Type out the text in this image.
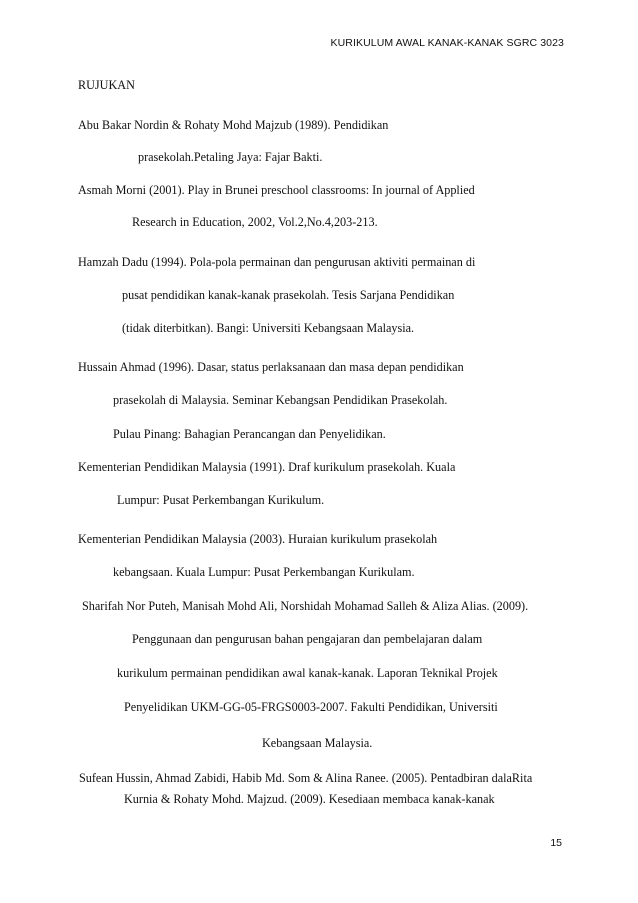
KURIKULUM AWAL KANAK-KANAK SGRC 3023
RUJUKAN
Abu Bakar Nordin & Rohaty Mohd Majzub (1989). Pendidikan
prasekolah.Petaling Jaya: Fajar Bakti.
Asmah Morni (2001). Play in Brunei preschool classrooms: In journal of Applied
Research in Education, 2002, Vol.2,No.4,203-213.
Hamzah Dadu (1994). Pola-pola permainan dan pengurusan aktiviti permainan di
pusat pendidikan kanak-kanak prasekolah. Tesis Sarjana Pendidikan
(tidak diterbitkan). Bangi: Universiti Kebangsaan Malaysia.
Hussain Ahmad (1996). Dasar, status perlaksanaan dan masa depan pendidikan
prasekolah di Malaysia. Seminar Kebangsan Pendidikan Prasekolah.
Pulau Pinang: Bahagian Perancangan dan Penyelidikan.
Kementerian Pendidikan Malaysia (1991). Draf kurikulum prasekolah. Kuala
Lumpur: Pusat Perkembangan Kurikulum.
Kementerian Pendidikan Malaysia (2003). Huraian kurikulum prasekolah
kebangsaan. Kuala Lumpur: Pusat Perkembangan Kurikulam.
Sharifah Nor Puteh, Manisah Mohd Ali, Norshidah Mohamad Salleh & Aliza Alias. (2009).
Penggunaan dan pengurusan bahan pengajaran dan pembelajaran dalam
kurikulum permainan pendidikan awal kanak-kanak. Laporan Teknikal Projek
Penyelidikan UKM-GG-05-FRGS0003-2007. Fakulti Pendidikan, Universiti
Kebangsaan Malaysia.
Sufean Hussin, Ahmad Zabidi, Habib Md. Som & Alina Ranee. (2005). Pentadbiran dalaRita
Kurnia & Rohaty Mohd. Majzud. (2009). Kesediaan membaca kanak-kanak
15
